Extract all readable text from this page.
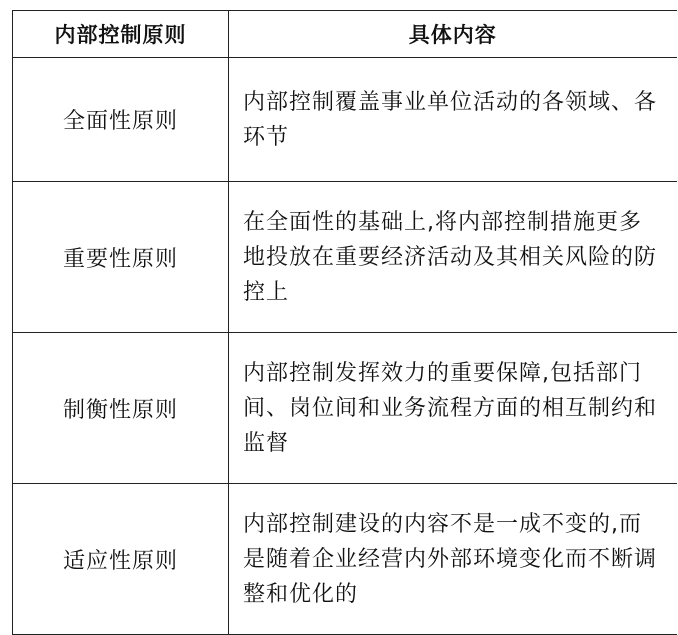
内部控制原则	具体内容
全面性原则	内部控制覆盖事业单位活动的各领域、各环节
重要性原则	在全面性的基础上,将内部控制措施更多地投放在重要经济活动及其相关风险的防控上
制衡性原则	内部控制发挥效力的重要保障,包括部门间、岗位间和业务流程方面的相互制约和监督
适应性原则	内部控制建设的内容不是一成不变的,而是随着企业经营内外部环境变化而不断调整和优化的
